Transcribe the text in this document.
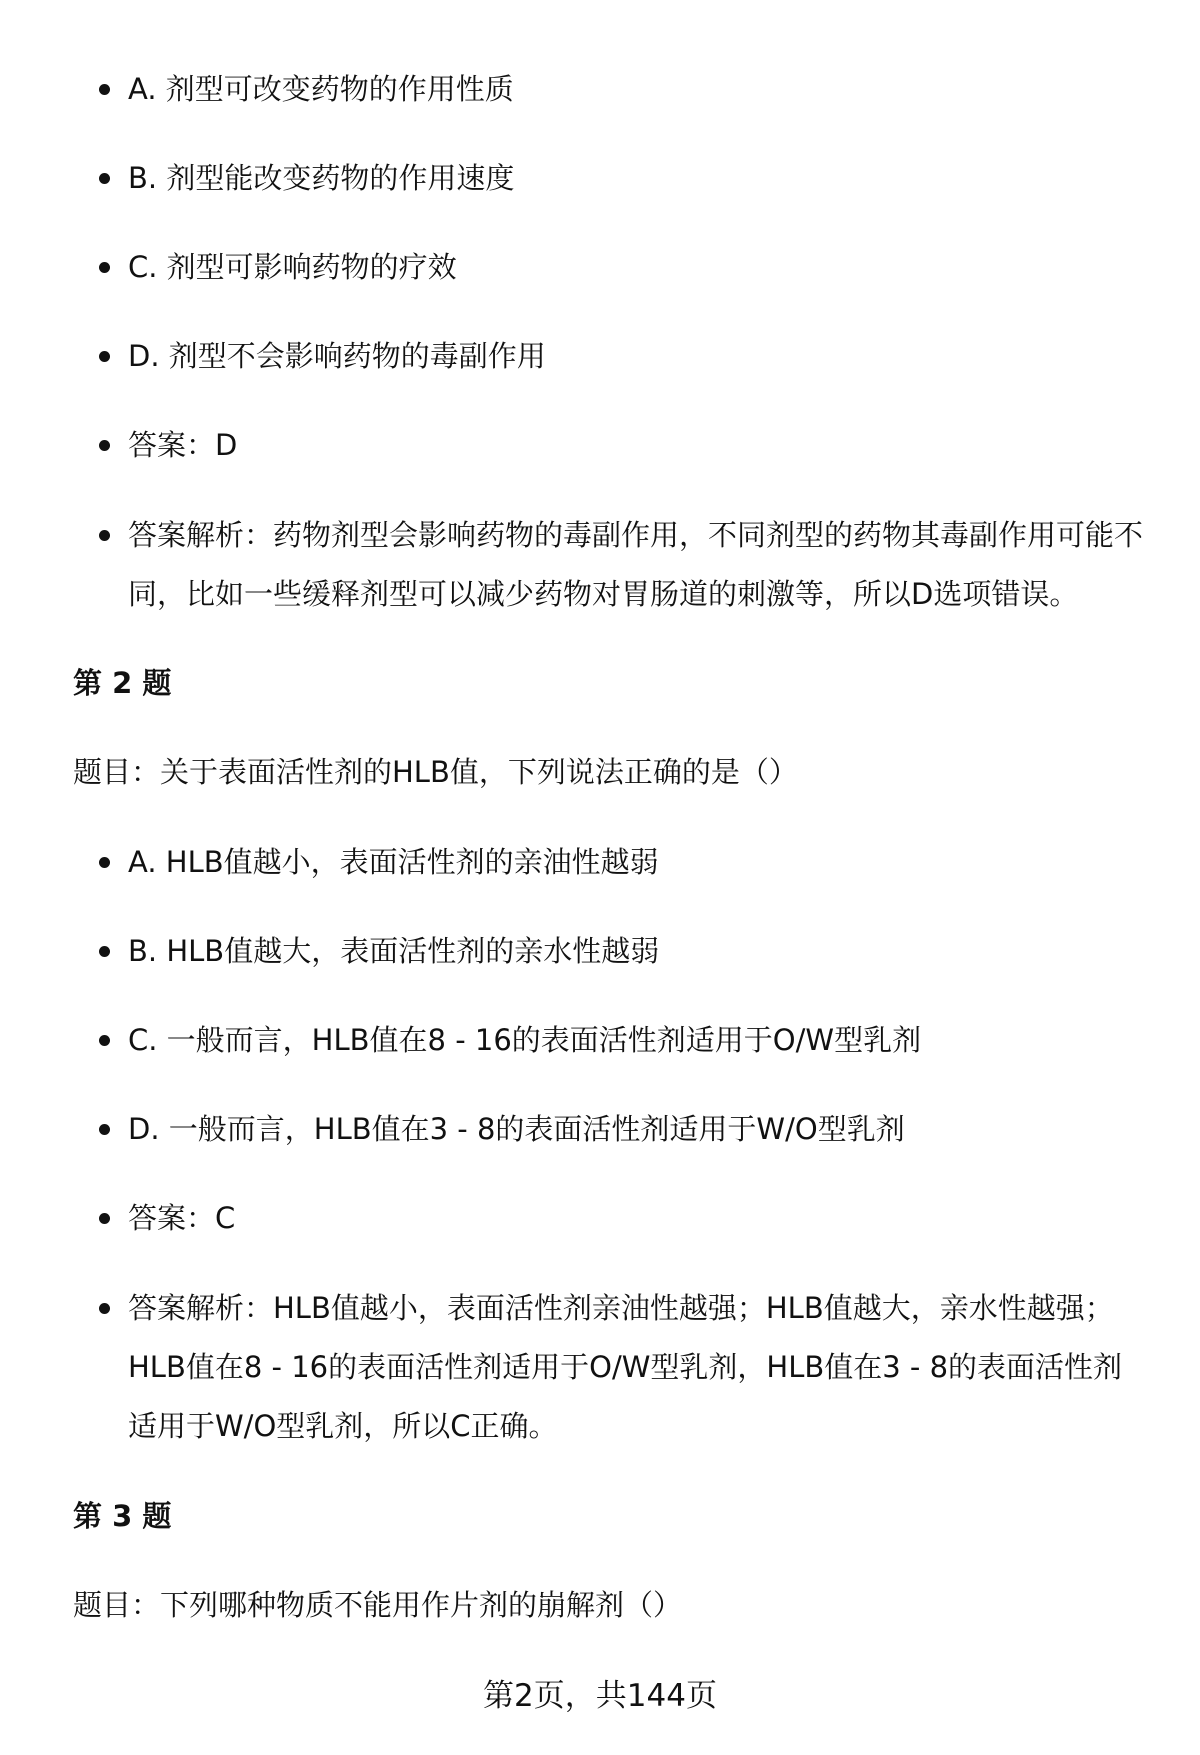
A. 剂型可改变药物的作用性质
B. 剂型能改变药物的作用速度
C. 剂型可影响药物的疗效
D. 剂型不会影响药物的毒副作用
答案：D
答案解析：药物剂型会影响药物的毒副作用，不同剂型的药物其毒副作用可能不同，比如一些缓释剂型可以减少药物对胃肠道的刺激等，所以D选项错误。
第 2 题
题目：关于表面活性剂的HLB值，下列说法正确的是（）
A. HLB值越小，表面活性剂的亲油性越弱
B. HLB值越大，表面活性剂的亲水性越弱
C. 一般而言，HLB值在8 - 16的表面活性剂适用于O/W型乳剂
D. 一般而言，HLB值在3 - 8的表面活性剂适用于W/O型乳剂
答案：C
答案解析：HLB值越小，表面活性剂亲油性越强；HLB值越大，亲水性越强；HLB值在8 - 16的表面活性剂适用于O/W型乳剂，HLB值在3 - 8的表面活性剂适用于W/O型乳剂，所以C正确。
第 3 题
题目：下列哪种物质不能用作片剂的崩解剂（）
第2页，共144页
